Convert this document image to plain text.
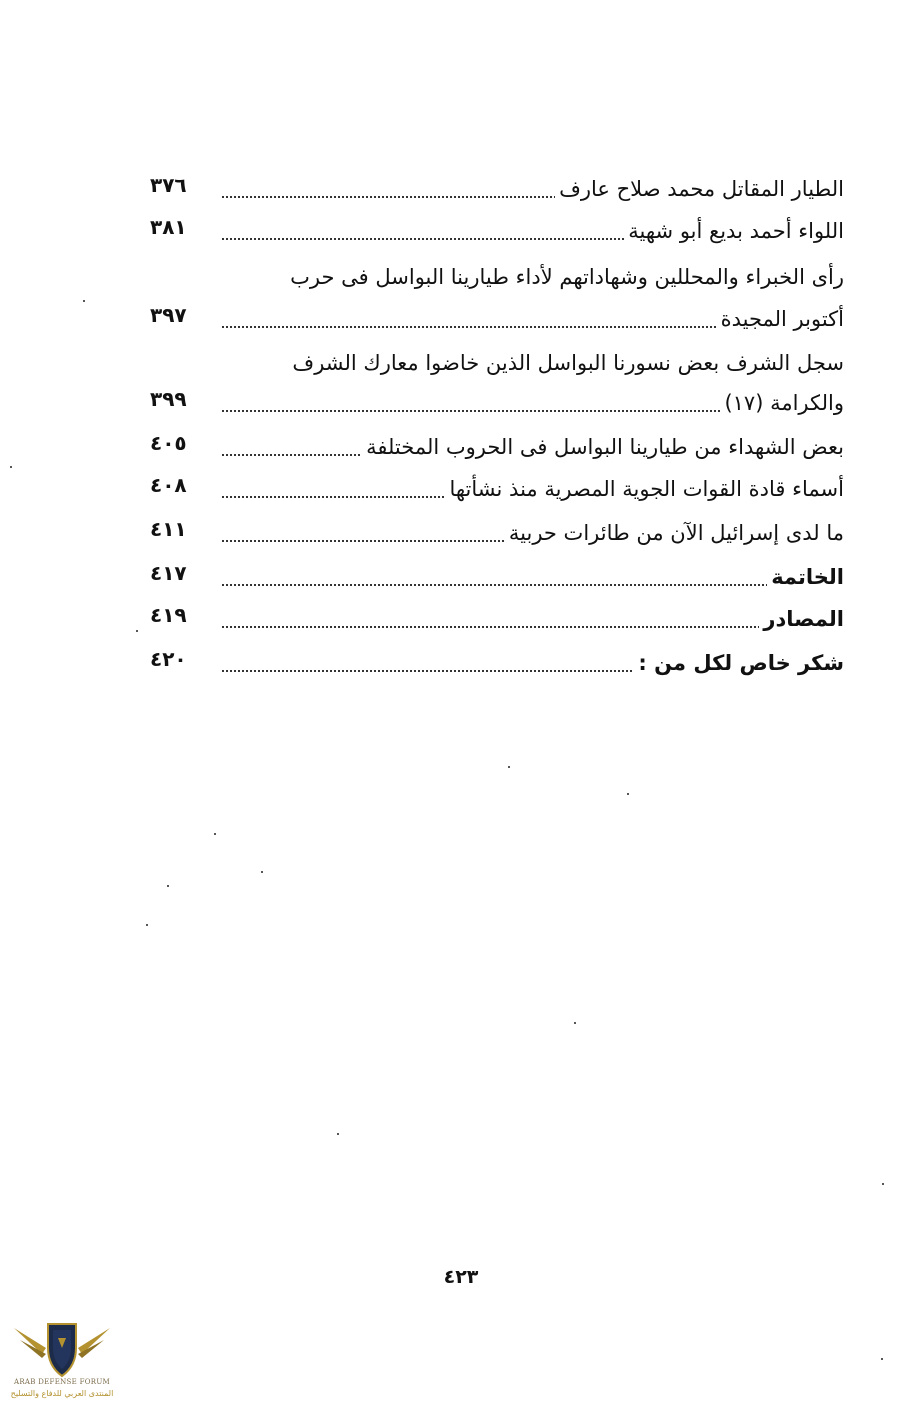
الطيار المقاتل محمد صلاح عارف
٣٧٦
اللواء أحمد بديع أبو شهية
٣٨١
رأى الخبراء والمحللين وشهاداتهم لأداء طيارينا البواسل فى حرب
أكتوبر المجيدة
٣٩٧
سجل الشرف بعض نسورنا البواسل الذين خاضوا معارك الشرف
والكرامة (١٧)
٣٩٩
بعض الشهداء من طيارينا البواسل فى الحروب المختلفة
٤٠٥
أسماء قادة القوات الجوية المصرية منذ نشأتها
٤٠٨
ما لدى إسرائيل الآن من طائرات حربية
٤١١
الخاتمة
٤١٧
المصادر
٤١٩
شكر خاص لكل من :
٤٢٠
٤٢٣
ARAB DEFENSE FORUM
المنتدى العربي للدفاع والتسليح
